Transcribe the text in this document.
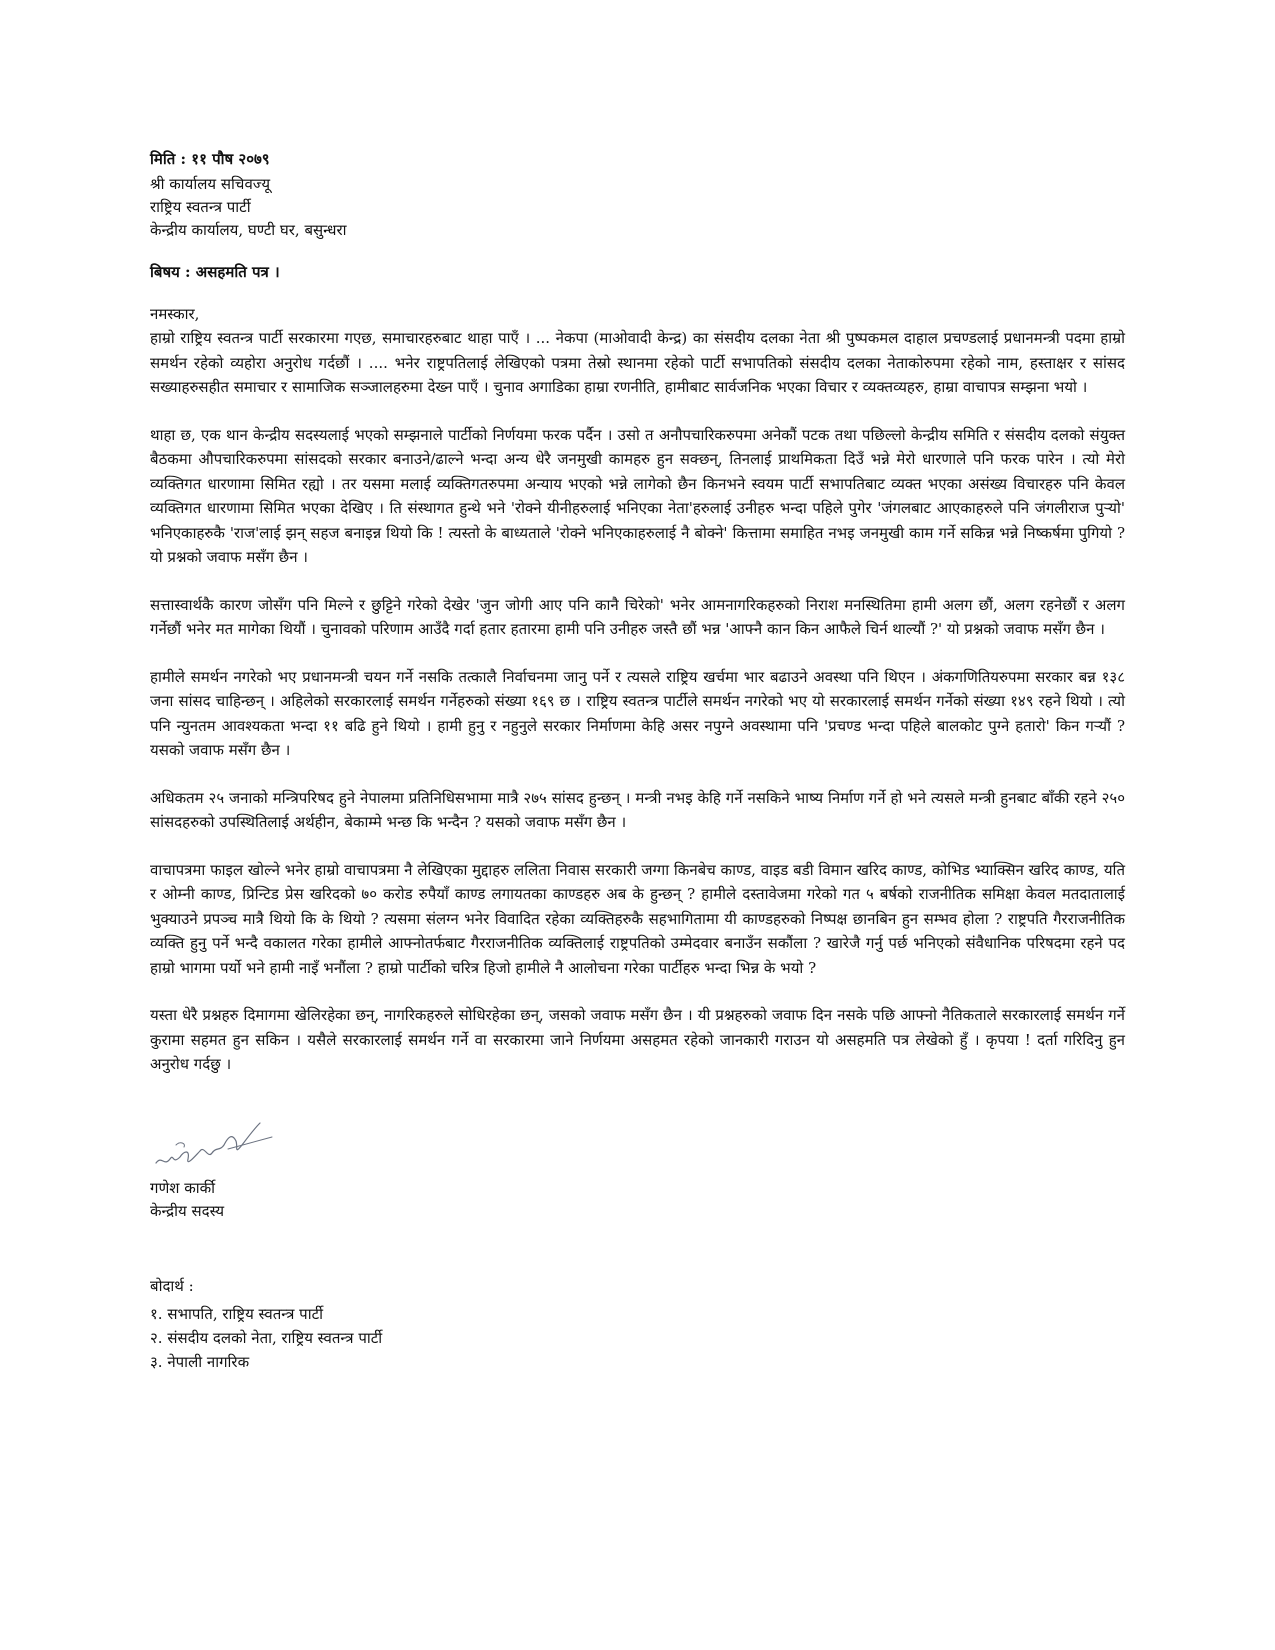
मिति : ११ पौष २०७९
श्री कार्यालय सचिवज्यू
राष्ट्रिय स्वतन्त्र पार्टी
केन्द्रीय कार्यालय, घण्टी घर, बसुन्धरा
बिषय : असहमति पत्र ।
नमस्कार,

हाम्रो राष्ट्रिय स्वतन्त्र पार्टी सरकारमा गएछ, समाचारहरुबाट थाहा पाएँ । ... नेकपा (माओवादी केन्द्र) का संसदीय दलका नेता श्री पुष्पकमल दाहाल प्रचण्डलाई प्रधानमन्त्री पदमा हाम्रो समर्थन रहेको व्यहोरा अनुरोध गर्दछौं । .... भनेर राष्ट्रपतिलाई लेखिएको पत्रमा तेस्रो स्थानमा रहेको पार्टी सभापतिको संसदीय दलका नेताकोरुपमा रहेको नाम, हस्ताक्षर र सांसद सख्याहरुसहीत समाचार र सामाजिक सञ्जालहरुमा देख्न पाएँ । चुनाव अगाडिका हाम्रा रणनीति, हामीबाट सार्वजनिक भएका विचार र व्यक्तव्यहरु, हाम्रा वाचापत्र सम्झना भयो ।

थाहा छ, एक थान केन्द्रीय सदस्यलाई भएको सम्झनाले पार्टीको निर्णयमा फरक पर्दैन । उसो त अनौपचारिकरुपमा अनेकौं पटक तथा पछिल्लो केन्द्रीय समिति र संसदीय दलको संयुक्त बैठकमा औपचारिकरुपमा सांसदको सरकार बनाउने/ढाल्ने भन्दा अन्य धेरै जनमुखी कामहरु हुन सक्छन्, तिनलाई प्राथमिकता दिउँ भन्ने मेरो धारणाले पनि फरक पारेन । त्यो मेरो व्यक्तिगत धारणामा सिमित रह्यो । तर यसमा मलाई व्यक्तिगतरुपमा अन्याय भएको भन्ने लागेको छैन किनभने स्वयम पार्टी सभापतिबाट व्यक्त भएका असंख्य विचारहरु पनि केवल व्यक्तिगत धारणामा सिमित भएका देखिए । ति संस्थागत हुन्थे भने 'रोक्ने यीनीहरुलाई भनिएका नेता'हरुलाई उनीहरु भन्दा पहिले पुगेर 'जंगलबाट आएकाहरुले पनि जंगलीराज पुर्‍यो' भनिएकाहरुकै 'राज'लाई झन् सहज बनाइन्न थियो कि ! त्यस्तो के बाध्यताले 'रोक्ने भनिएकाहरुलाई नै बोक्ने' कित्तामा समाहित नभइ जनमुखी काम गर्ने सकिन्न भन्ने निष्कर्षमा पुगियो ? यो प्रश्नको जवाफ मसँग छैन ।

सत्तास्वार्थकै कारण जोसँग पनि मिल्ने र छुट्टिने गरेको देखेर 'जुन जोगी आए पनि कानै चिरेको' भनेर आमनागरिकहरुको निराश मनस्थितिमा हामी अलग छौं, अलग रहनेछौं र अलग गर्नेछौं भनेर मत मागेका थियौं । चुनावको परिणाम आउँदै गर्दा हतार हतारमा हामी पनि उनीहरु जस्तै छौं भन्न 'आफ्नै कान किन आफैले चिर्न थाल्यौं ?' यो प्रश्नको जवाफ मसँग छैन ।

हामीले समर्थन नगरेको भए प्रधानमन्त्री चयन गर्ने नसकि तत्कालै निर्वाचनमा जानु पर्ने र त्यसले राष्ट्रिय खर्चमा भार बढाउने अवस्था पनि थिएन । अंकगणितियरुपमा सरकार बन्न १३८ जना सांसद चाहिन्छन् । अहिलेको सरकारलाई समर्थन गर्नेहरुको संख्या १६९ छ । राष्ट्रिय स्वतन्त्र पार्टीले समर्थन नगरेको भए यो सरकारलाई समर्थन गर्नेको संख्या १४९ रहने थियो । त्यो पनि न्युनतम आवश्यकता भन्दा ११ बढि हुने थियो । हामी हुनु र नहुनुले सरकार निर्माणमा केहि असर नपुग्ने अवस्थामा पनि 'प्रचण्ड भन्दा पहिले बालकोट पुग्ने हतारो' किन गर्‍यौं ? यसको जवाफ मसँग छैन ।

अधिकतम २५ जनाको मन्त्रिपरिषद हुने नेपालमा प्रतिनिधिसभामा मात्रै २७५ सांसद हुन्छन् । मन्त्री नभइ केहि गर्ने नसकिने भाष्य निर्माण गर्ने हो भने त्यसले मन्त्री हुनबाट बाँकी रहने २५० सांसदहरुको उपस्थितिलाई अर्थहीन, बेकाम्मे भन्छ कि भन्दैन ? यसको जवाफ मसँग छैन ।

वाचापत्रमा फाइल खोल्ने भनेर हाम्रो वाचापत्रमा नै लेखिएका मुद्दाहरु ललिता निवास सरकारी जग्गा किनबेच काण्ड, वाइड बडी विमान खरिद काण्ड, कोभिड भ्याक्सिन खरिद काण्ड, यति र ओम्नी काण्ड, प्रिन्टिड प्रेस खरिदको ७० करोड रुपैयाँ काण्ड लगायतका काण्डहरु अब के हुन्छन् ? हामीले दस्तावेजमा गरेको गत ५ बर्षको राजनीतिक समिक्षा केवल मतदातालाई भुक्याउने प्रपञ्च मात्रै थियो कि के थियो ? त्यसमा संलग्न भनेर विवादित रहेका व्यक्तिहरुकै सहभागितामा यी काण्डहरुको निष्पक्ष छानबिन हुन सम्भव होला ? राष्ट्रपति गैरराजनीतिक व्यक्ति हुनु पर्ने भन्दै वकालत गरेका हामीले आफ्नोतर्फबाट गैरराजनीतिक व्यक्तिलाई राष्ट्रपतिको उम्मेदवार बनाउँन सकौंला ? खारेजै गर्नु पर्छ भनिएको संवैधानिक परिषदमा रहने पद हाम्रो भागमा पर्यो भने हामी नाइँ भनौंला ? हाम्रो पार्टीको चरित्र हिजो हामीले नै आलोचना गरेका पार्टीहरु भन्दा भिन्न के भयो ?

यस्ता धेरै प्रश्नहरु दिमागमा खेलिरहेका छन्, नागरिकहरुले सोधिरहेका छन्, जसको जवाफ मसँग छैन । यी प्रश्नहरुको जवाफ दिन नसके पछि आफ्नो नैतिकताले सरकारलाई समर्थन गर्ने कुरामा सहमत हुन सकिन । यसैले सरकारलाई समर्थन गर्ने वा सरकारमा जाने निर्णयमा असहमत रहेको जानकारी गराउन यो असहमति पत्र लेखेको हुँ । कृपया ! दर्ता गरिदिनु हुन अनुरोध गर्दछु ।

गणेश कार्की
केन्द्रीय सदस्य
बोदार्थ :
१. सभापति, राष्ट्रिय स्वतन्त्र पार्टी
२. संसदीय दलको नेता, राष्ट्रिय स्वतन्त्र पार्टी
३. नेपाली नागरिक
